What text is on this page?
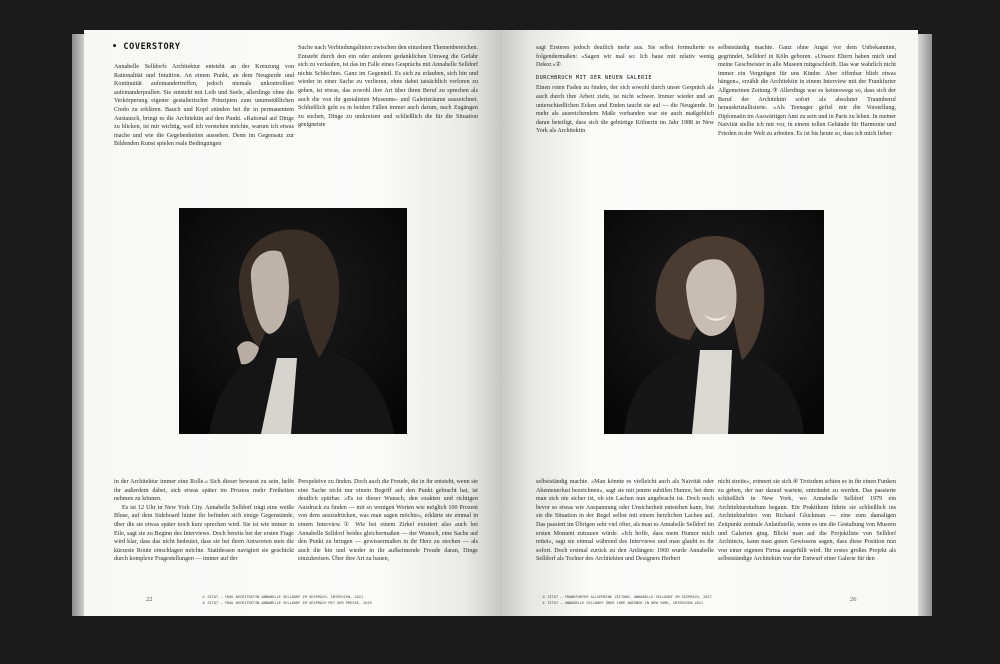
• COVERSTORY

Annabelle Selldorfs Architektur entsteht an der Kreuzung von Rationalität und Intuition. An einem Punkt, an dem Neugierde und Kontinuität aufeinandertreffen, jedoch niemals unkontrolliert aufeinanderprallen. Sie entsteht mit Leib und Seele, allerdings ohne die Verkörperung eigener gestalterischer Prinzipien zum unumstößlichen Credo zu erklären. Bauch und Kopf stünden bei ihr in permanentem Austausch, bringt es die Architektin auf den Punkt. »Rational auf Dinge zu blicken, ist mir wichtig, weil ich verstehen möchte, warum ich etwas mache und wie die Gegebenheiten aussehen. Denn im Gegensatz zur Bildenden Kunst spielen reale Bedingungen

Suche nach Verbindungslinien zwischen den einzelnen Themenbereichen. Entsteht durch den ein oder anderen gedanklichen Umweg die Gefahr sich zu verlaufen, ist das im Falle eines Gesprächs mit Annabelle Selldorf nichts Schlechtes. Ganz im Gegenteil. Es sich zu erlauben, sich hin und wieder in einer Sache zu verlieren, ohne dabei tatsächlich verloren zu gehen, ist etwas, das sowohl ihre Art über ihren Beruf zu sprechen als auch die von ihr gestalteten Museums- und Galerieräume auszeichnet. Schließlich geht es in beiden Fällen immer auch darum, nach Zugängen zu suchen, Dinge zu umkreisen und schließlich die für die Situation geeignetste

in der Architektur immer eine Rolle.« Sich dieser bewusst zu sein, helfe ihr außerdem dabei, sich etwas später im Prozess mehr Freiheiten nehmen zu können.

Es ist 12 Uhr in New York City. Annabelle Selldorf trägt eine weiße Bluse, auf dem Sideboard hinter ihr befinden sich einige Gegenstände, über die sie etwas später noch kurz sprechen wird. Sie ist wie immer in Eile, sagt sie zu Beginn des Interviews. Doch bereits bei der ersten Frage wird klar, dass das nicht bedeutet, dass sie bei ihren Antworten stets die kürzeste Route einschlagen möchte. Stattdessen navigiert sie geschickt durch komplexe Fragestellungen — immer auf der

Perspektive zu finden. Doch auch die Freude, die in ihr entsteht, wenn sie eine Sache nicht nur einem Begriff auf den Punkt gebracht hat, ist deutlich spürbar. »Es ist dieser Wunsch, den exakten und richtigen Ausdruck zu finden — mit so wenigen Worten wie möglich 100 Prozent von dem auszudrücken, was man sagen möchte«, erklärte sie einmal in einem Interview.① Wie bei einem Zirkel existiert also auch bei Annabelle Selldorf beides gleichermaßen — der Wunsch, eine Sache auf den Punkt zu bringen — gewissermaßen in ihr Herz zu stechen — als auch die hin und wieder in ihr aufkeimende Freude daran, Dinge einzukreisen. Über ihre Art zu bauen,

22	① ZITAT – FRAU ARCHITEKTIN ANNABELLE SELLDORF IM GESPRÄCH, INTERVIEW, 2021
② ZITAT – FRAU ARCHITEKTIN ANNABELLE SELLDORF IM GESPRÄCH MIT DER PRESSE, 2019

sagt Ersteres jedoch deutlich mehr aus. Sie selbst formulierte es folgendermaßen: »Sagen wir mal so: Ich baue mit relativ wenig Dekor.«②

DURCHBRUCH MIT DER NEUEN GALERIE

Einen roten Faden zu finden, der sich sowohl durch unser Gespräch als auch durch ihre Arbeit zieht, ist nicht schwer. Immer wieder und an unterschiedlichen Ecken und Enden taucht sie auf — die Neugierde. In mehr als ausreichendem Maße vorhanden war sie auch maßgeblich daran beteiligt, dass sich die gebürtige Kölnerin im Jahr 1988 in New York als Architektin

selbstständig machte. Ganz ohne Angst vor dem Unbekannten, gegründet, Selldorf in Köln geboren. »Unsere Eltern haben mich und meine Geschwister in alle Museen mitgeschleift. Das war wahrlich nicht immer ein Vergnügen für uns Kinder. Aber offenbar blieb etwas hängen«, erzählt die Architektin in einem Interview mit der Frankfurter Allgemeinen Zeitung.③ Allerdings war es keineswegs so, dass sich der Beruf der Architektin sofort als absoluter Traumberuf herauskristallisierte. »Als Teenager gefiel mir die Vorstellung, Diplomatin im Auswärtigen Amt zu sein und in Paris zu leben. In meiner Naivität stellte ich mir vor, in einem tollen Gebäude für Harmonie und Frieden in der Welt zu arbeiten. Es ist bis heute so, dass ich mich lieber

selbstständig machte. »Man könnte es vielleicht auch als Naivität oder Abenteuerlust bezeichnen«, sagt sie mit jenem subtilen Humor, bei dem man sich nie sicher ist, ob ein Lachen nun angebracht ist. Doch noch bevor so etwas wie Anspannung oder Unsicherheit entstehen kann, löst sie die Situation in der Regel selbst mit einem herzlichen Lachen auf. Das passiert im Übrigen sehr viel öfter, als man es Annabelle Selldorf im ersten Moment zutrauen würde. »Ich hoffe, dass mein Humor mich rettet«, sagt sie einmal während des Interviews und man glaubt es ihr sofort. Doch erstmal zurück zu den Anfängen: 1960 wurde Annabelle Selldorf als Tochter des Architekten und Designers Herbert

nicht streite«, erinnert sie sich.④ Trotzdem schien es in ihr einen Funken zu geben, der nur darauf wartete, entzündet zu werden. Das passierte schließlich in New York, wo Annabelle Selldorf 1979 ein Architekturstudium begann. Ein Praktikum führte sie schließlich ins Architekturbüro von Richard Gluckman — eine zum damaligen Zeitpunkt zentrale Anlaufstelle, wenn es um die Gestaltung von Museen und Galerien ging. Blickt man auf die Projektliste von Selldorf Architects, kann man guten Gewissens sagen, dass diese Position nun von einer eigenen Firma ausgefüllt wird. Ihr erstes großes Projekt als selbstständige Architektin war der Entwurf einer Galerie für den

③ ZITAT – FRANKFURTER ALLGEMEINE ZEITUNG, ANNABELLE SELLDORF IM GESPRÄCH, 2017
④ ZITAT – ANNABELLE SELLDORF ÜBER IHRE ANFÄNGE IN NEW YORK, INTERVIEW 2021	26
